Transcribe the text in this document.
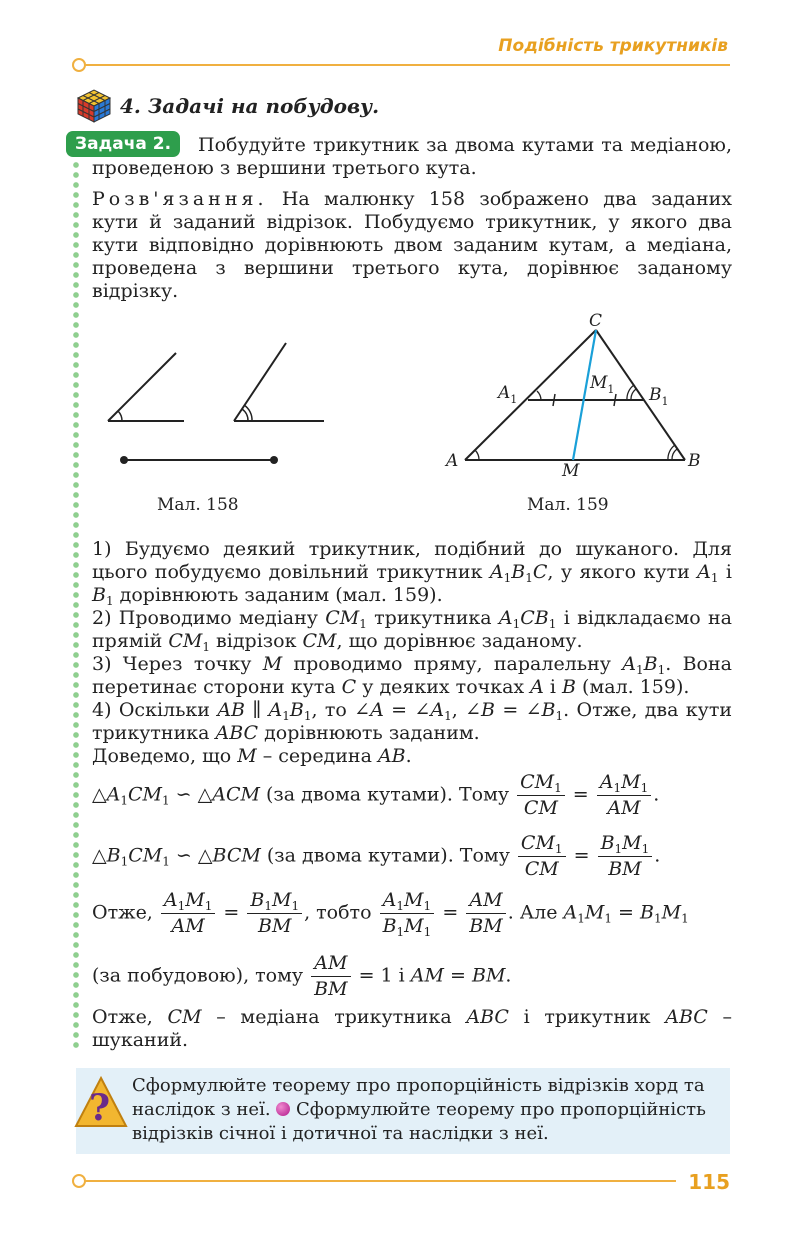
Подібність трикутників
4. Задачі на побудову.
Задача 2.	Побудуйте трикутник за двома кутами та медіаною, проведеною з вершини третього кута.
Розв'язання. На малюнку 158 зображено два заданих кути й заданий відрізок. Побудуємо трикутник, у якого два кути відповідно дорівнюють двом заданим кутам, а медіана, проведена з вершини третього кута, дорівнює заданому відрізку.
Мал. 158
C
$A_1$
$M_1$ $B_1$
A	M	B
Мал. 159
1) Будуємо деякий трикутник, подібний до шуканого. Для цього побудуємо довільний трикутник $A_1B_1C$, у якого кути $A_1$ і $B_1$ дорівнюють заданим (мал. 159).
2) Проводимо медіану $CM_1$ трикутника $A_1CB_1$ і відкладаємо на прямій $CM_1$ відрізок CM, що дорівнює заданому.
3) Через точку M проводимо пряму, паралельну $A_1B_1$. Вона перетинає сторони кута C у деяких точках A і B (мал. 159).
4) Оскільки AB ∥ $A_1B_1$, то ∠A = $\angle A_1$, ∠B = $\angle B_1$. Отже, два кути трикутника ABC дорівнюють заданим.
Доведемо, що M – середина AB.
$\triangle A_1CM_1$ ∽ △ACM (за двома кутами). Тому $\frac{CM_1}{CM} = \frac{A_1M_1}{AM}$ .
$\triangle B_1CM_1$ ∽ △BCM (за двома кутами). Тому $\frac{CM_1}{CM} = \frac{B_1M_1}{BM}$ .
Отже, $\frac{A_1M_1}{AM} = \frac{B_1M_1}{BM}$ , тобто $\frac{A_1M_1}{B_1M_1} = \frac{AM}{BM}$ . Але $A_1M_1 = B_1M_1$
(за побудовою), тому $\frac{AM}{BM} = 1$ і AM = BM.
Отже, CM – медіана трикутника ABC і трикутник ABC – шуканий.
?
Сформулюйте теорему про пропорційність відрізків хорд та наслідок з неї. Сформулюйте теорему про пропорційність відрізків січної і дотичної та наслідки з неї.
115
